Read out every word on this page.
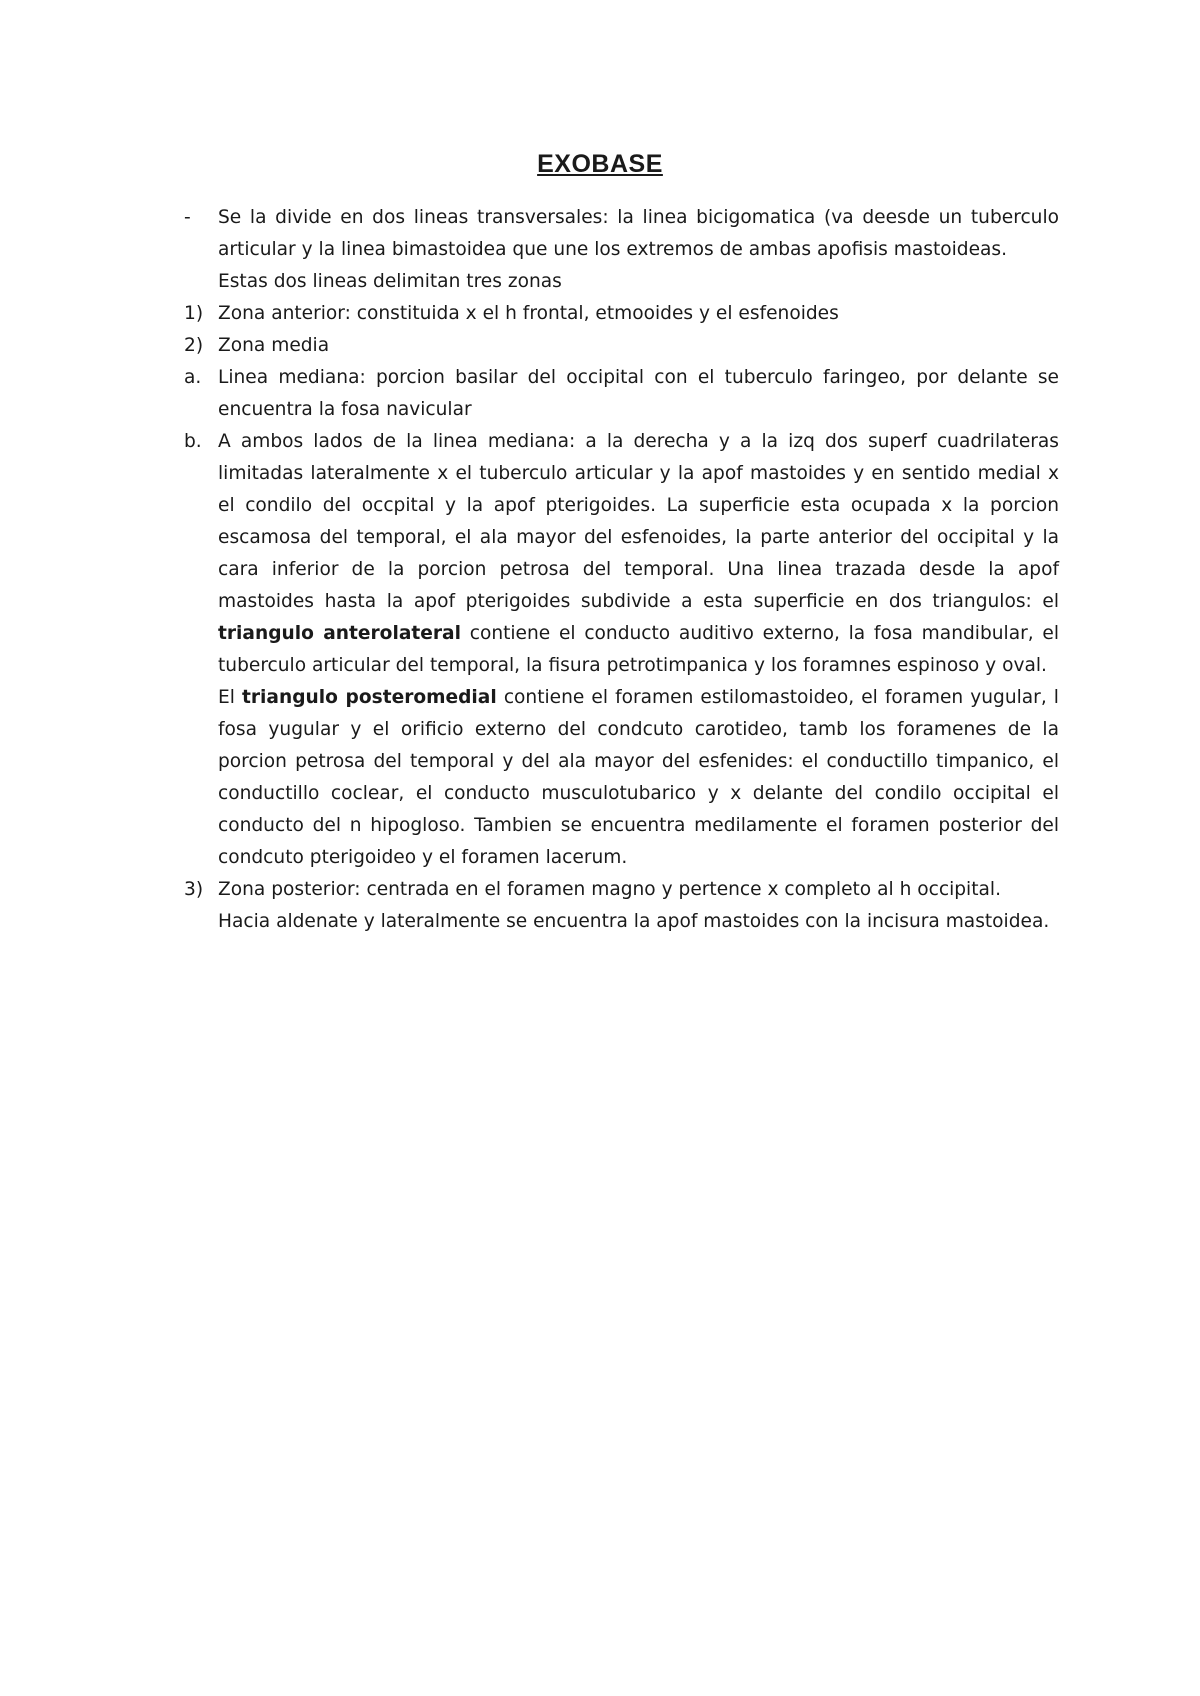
EXOBASE
- Se la divide en dos lineas transversales: la linea bicigomatica (va deesde un tuberculo articular y la linea bimastoidea que une los extremos de ambas apofisis mastoideas.
Estas dos lineas delimitan tres zonas
1) Zona anterior: constituida x el h frontal, etmooides y el esfenoides
2) Zona media
a. Linea mediana: porcion basilar del occipital con el tuberculo faringeo, por delante se encuentra la fosa navicular
b. A ambos lados de la linea mediana: a la derecha y a la izq dos superf cuadrilateras limitadas lateralmente x el tuberculo articular y la apof mastoides y en sentido medial x el condilo del occpital y la apof pterigoides. La superficie esta ocupada x la porcion escamosa del temporal, el ala mayor del esfenoides, la parte anterior del occipital y la cara inferior de la porcion petrosa del temporal. Una linea trazada desde la apof mastoides hasta la apof pterigoides subdivide a esta superficie en dos triangulos: el triangulo anterolateral contiene el conducto auditivo externo, la fosa mandibular, el tuberculo articular del temporal, la fisura petrotimpanica y los foramnes espinoso y oval.
El triangulo posteromedial contiene el foramen estilomastoideo, el foramen yugular, l fosa yugular y el orificio externo del condcuto carotideo, tamb los foramenes de la porcion petrosa del temporal y del ala mayor del esfenides: el conductillo timpanico, el conductillo coclear, el conducto musculotubarico y x delante del condilo occipital el conducto del n hipogloso. Tambien se encuentra medilamente el foramen posterior del condcuto pterigoideo y el foramen lacerum.
3) Zona posterior: centrada en el foramen magno y pertence x completo al h occipital. Hacia aldenate y lateralmente se encuentra la apof mastoides con la incisura mastoidea.
